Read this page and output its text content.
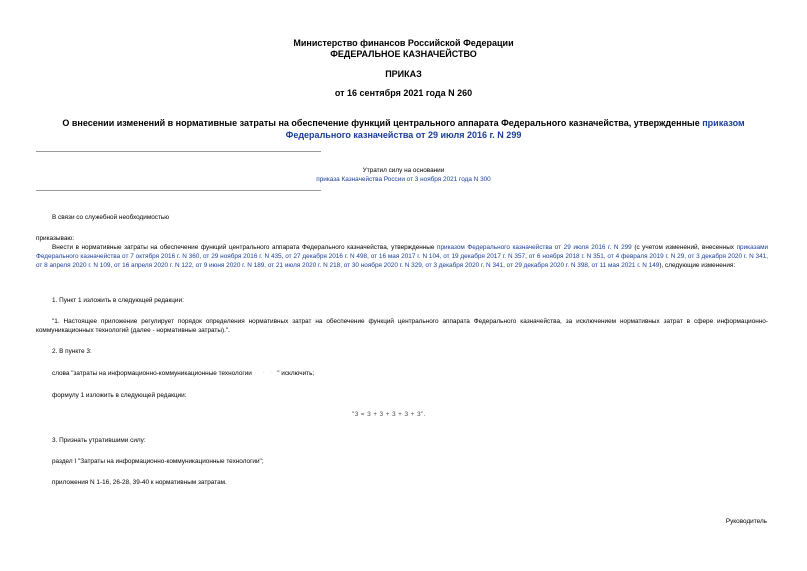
Министерство финансов Российской Федерации
ФЕДЕРАЛЬНОЕ КАЗНАЧЕЙСТВО
ПРИКАЗ
от 16 сентября 2021 года N 260
О внесении изменений в нормативные затраты на обеспечение функций центрального аппарата Федерального казначейства, утвержденные приказом
Федерального казначейства от 29 июля 2016 г. N 299
Утратил силу на основании
приказа Казначейства России от 3 ноября 2021 года N 300
В связи со служебной необходимостью
приказываю:
Внести в нормативные затраты на обеспечение функций центрального аппарата Федерального казначейства, утвержденные приказом Федерального казначейства от 29 июля 2016 г. N 299 (с учетом изменений, внесенных приказами Федерального казначейства от 7 октября 2016 г. N 360, от 29 ноября 2016 г. N 435, от 27 декабря 2016 г. N 498, от 16 мая 2017 г. N 104, от 19 декабря 2017 г. N 357, от 6 ноября 2018 г. N 351, от 4 февраля 2019 г. N 29, от 3 декабря 2020 г. N 341, от 8 апреля 2020 г. N 109, от 16 апреля 2020 г. N 122, от 9 июня 2020 г. N 189, от 21 июля 2020 г. N 218, от 30 ноября 2020 г. N 329, от 3 декабря 2020 г. N 341, от 29 декабря 2020 г. N 398, от 11 мая 2021 г. N 149), следующие изменения:
1. Пункт 1 изложить в следующей редакции:
"1. Настоящее приложение регулирует порядок определения нормативных затрат на обеспечение функций центрального аппарата Федерального казначейства, за исключением нормативных затрат в сфере информационно-коммуникационных технологий (далее - нормативные затраты).".
2. В пункте 3:
слова "затраты на информационно-коммуникационные технологии ᛫ ᛫ ᛫ " исключить;
формулу 1 изложить в следующей редакции:
"З = З + З + З + З + З".
3. Признать утратившими силу:
раздел I "Затраты на информационно-коммуникационные технологии";
приложения N 1-16, 26-28, 39-40 к нормативным затратам.
Руководитель
